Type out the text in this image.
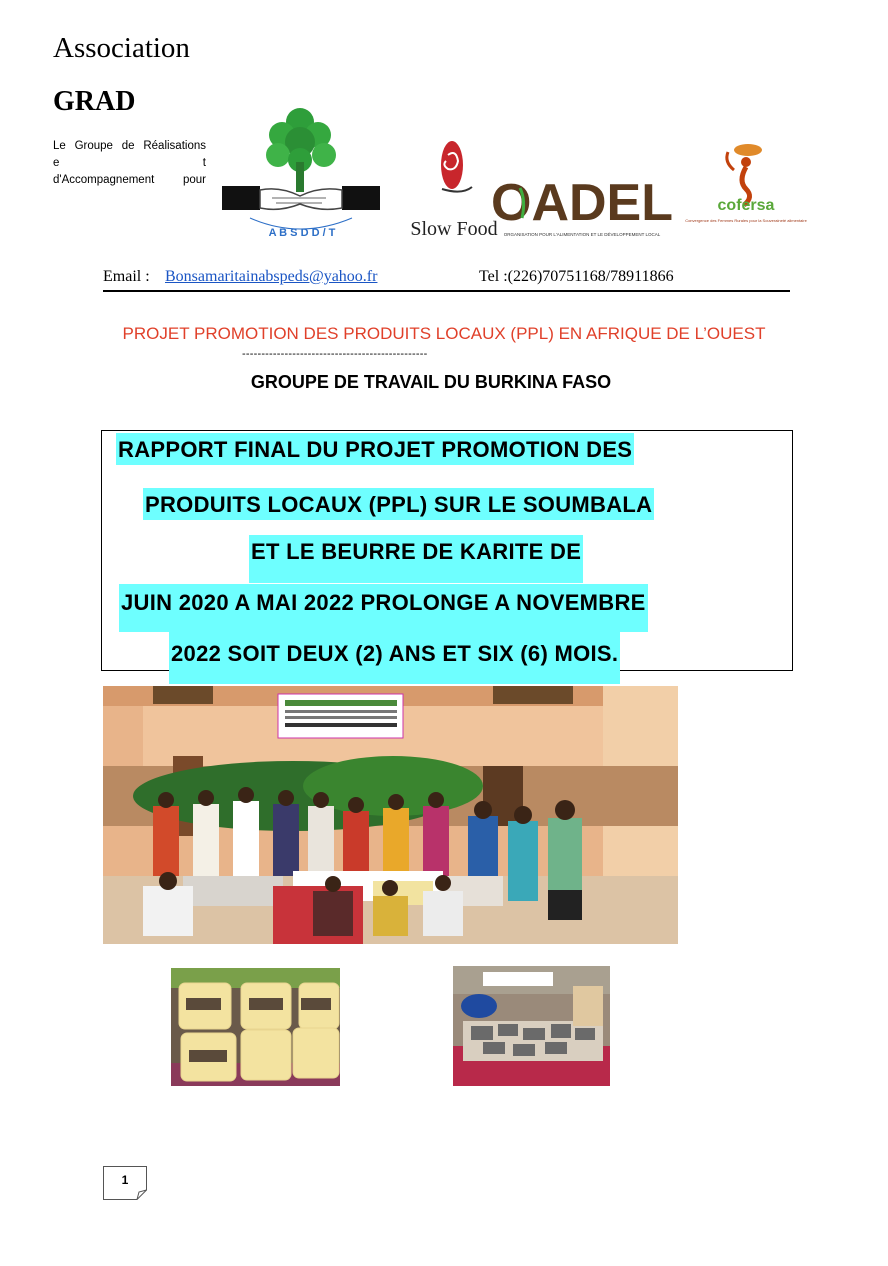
Association
GRAD
Le Groupe de Réalisations
e t
d'Accompagnement pour
A B S D D / T	Slow Food
OADEL
ORGANISATION POUR L'ALIMENTATION ET LE DÉVELOPPEMENT LOCAL
cofersa
Convergence des Femmes Rurales pour la Souveraineté alimentaire
Email : Bonsamaritainabspeds@yahoo.fr	Tel :(226)70751168/78911866
PROJET PROMOTION DES PRODUITS LOCAUX (PPL) EN AFRIQUE DE L’OUEST
------------------------------------------------
GROUPE DE TRAVAIL DU BURKINA FASO
RAPPORT FINAL DU PROJET PROMOTION DES
PRODUITS LOCAUX (PPL) SUR LE SOUMBALA
ET LE BEURRE DE KARITE DE
JUIN 2020 A MAI 2022 PROLONGE A NOVEMBRE
2022 SOIT DEUX (2) ANS ET SIX (6) MOIS.
1
